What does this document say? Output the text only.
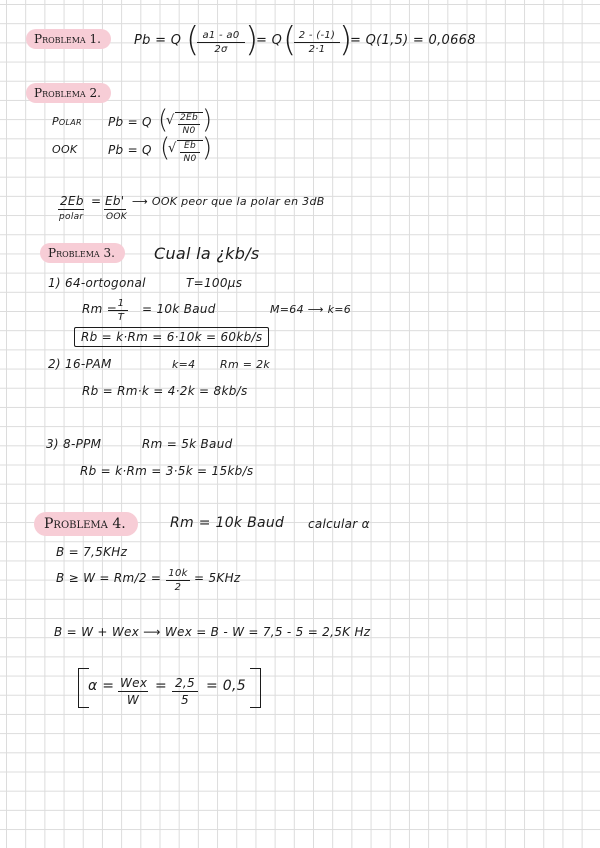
Problema 1.	Pb = Q (
$\frac{a1 - a0}{2\sigma}$ )
= Q (
$\frac{2 - (-1)}{2\cdot 1}$ )
= Q(1,5) = 0,0668
Problema 2.
Polar Pb = Q (
√ $\frac{2Eb}{N0}$ )
OOK	Pb = Q (
√ $\frac{Eb}{N0}$ )
2Eb
polar
= Eb'
OOK
⟶ OOK peor que la polar en 3dB
Problema 3.	Cual la ¿kb/s
1) 64-ortogonal	T=100μs
Rm =
$\frac{1}{T} = 10k$ Baud	M=64 ⟶ k=6
Rb = k·Rm = 6·10k = 60kb/s
2) 16-PAM	k=4 Rm = 2k
Rb = Rm·k = 4·2k = 8kb/s
3) 8-PPM	Rm = 5k Baud
Rb = k·Rm = 3·5k = 15kb/s
Problema 4.	Rm = 10k Baud calcular α
B = 7,5KHz
$B \ge W = Rm/2 = \frac{10k}{2} = 5KHz$
B = W + Wex ⟶ Wex = B - W = 7,5 - 5 = 2,5K Hz
α = Wex
W
= $\frac{2,5}{5} = 0,5$
